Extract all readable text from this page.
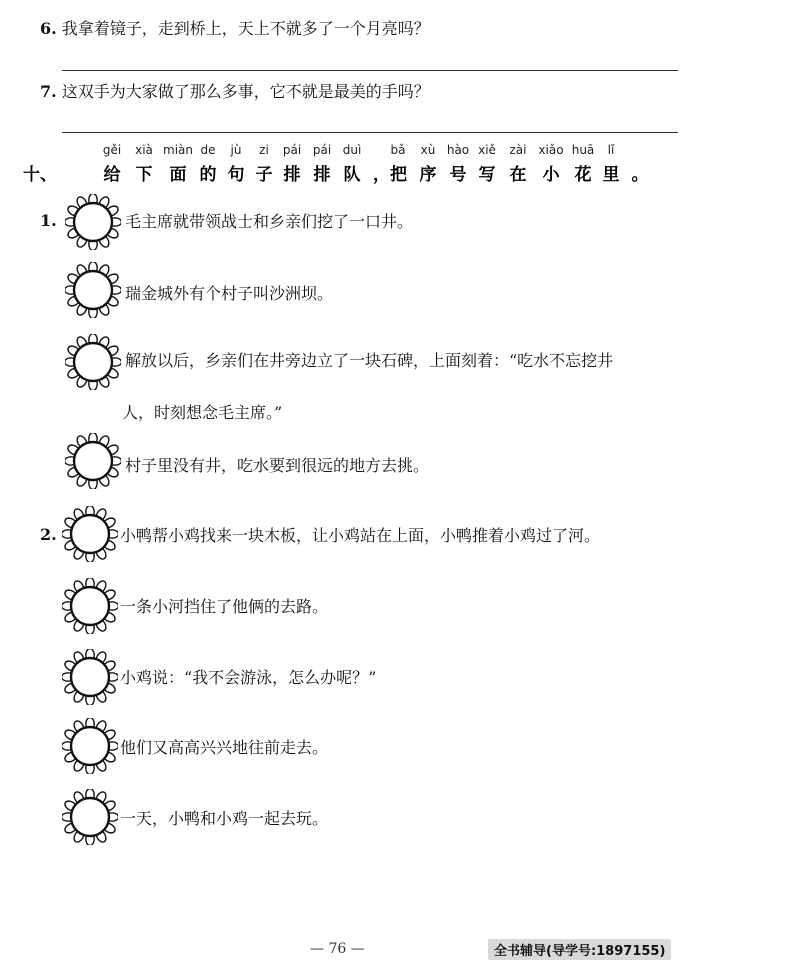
6. 我拿着镜子，走到桥上，天上不就多了一个月亮吗？
7. 这双手为大家做了那么多事，它不就是最美的手吗？
gěi xià miàn de jù zi pái pái duì bǎ xù hào xiě zài xiǎo huā lǐ
十、	给 下 面 的 句 子 排 排 队 ，把 序 号 写 在 小 花 里 。
1.	毛主席就带领战士和乡亲们挖了一口井。
瑞金城外有个村子叫沙洲坝。
解放以后，乡亲们在井旁边立了一块石碑，上面刻着：“吃水不忘挖井
人，时刻想念毛主席。”
村子里没有井，吃水要到很远的地方去挑。
2.	小鸭帮小鸡找来一块木板，让小鸡站在上面，小鸭推着小鸡过了河。
一条小河挡住了他俩的去路。
小鸡说：“我不会游泳，怎么办呢？”
他们又高高兴兴地往前走去。
一天，小鸭和小鸡一起去玩。
— 76 —	全书辅导(导学号:1897155)
